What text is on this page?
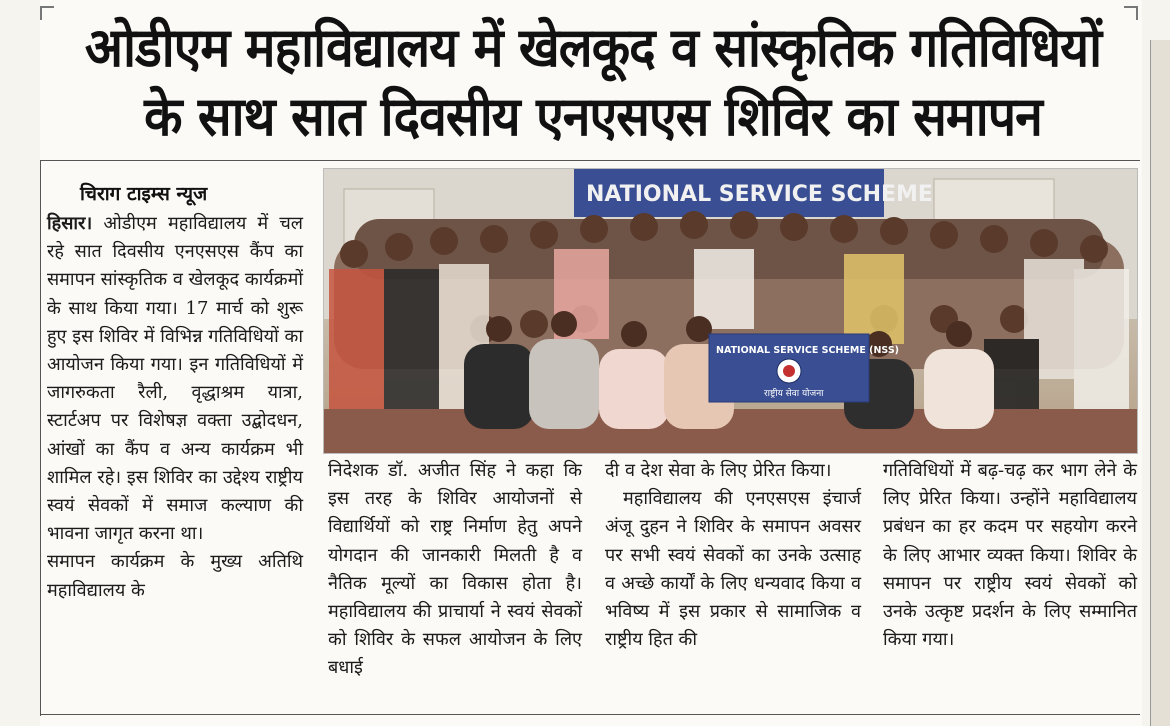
ओडीएम महाविद्यालय में खेलकूद व सांस्कृतिक गतिविधियों
के साथ सात दिवसीय एनएसएस शिविर का समापन
चिराग टाइम्स न्यूज

हिसार। ओडीएम महाविद्यालय में चल रहे सात दिवसीय एनएसएस कैंप का समापन सांस्कृतिक व खेलकूद कार्यक्रमों के साथ किया गया। 17 मार्च को शुरू हुए इस शिविर में विभिन्न गतिविधियों का आयोजन किया गया। इन गतिविधियों में जागरुकता रैली, वृद्धाश्रम यात्रा, स्टार्टअप पर विशेषज्ञ वक्ता उद्बोदधन, आंखों का कैंप व अन्य कार्यक्रम भी शामिल रहे। इस शिविर का उद्देश्य राष्ट्रीय स्वयं सेवकों में समाज कल्याण की भावना जागृत करना था।

समापन कार्यक्रम के मुख्य अतिथि महाविद्यालय के

NATIONAL SERVICE SCHEME
NATIONAL SERVICE SCHEME (NSS)
राष्ट्रीय सेवा योजना

निदेशक डॉ. अजीत सिंह ने कहा कि इस तरह के शिविर आयोजनों से विद्यार्थियों को राष्ट्र निर्माण हेतु अपने योगदान की जानकारी मिलती है व नैतिक मूल्यों का विकास होता है। महाविद्यालय की प्राचार्या ने स्वयं सेवकों को शिविर के सफल आयोजन के लिए बधाई

दी व देश सेवा के लिए प्रेरित किया।

महाविद्यालय की एनएसएस इंचार्ज अंजू दुहन ने शिविर के समापन अवसर पर सभी स्वयं सेवकों का उनके उत्साह व अच्छे कार्यों के लिए धन्यवाद किया व भविष्य में इस प्रकार से सामाजिक व राष्ट्रीय हित की

गतिविधियों में बढ़-चढ़ कर भाग लेने के लिए प्रेरित किया। उन्होंने महाविद्यालय प्रबंधन का हर कदम पर सहयोग करने के लिए आभार व्यक्त किया। शिविर के समापन पर राष्ट्रीय स्वयं सेवकों को उनके उत्कृष्ट प्रदर्शन के लिए सम्मानित किया गया।
